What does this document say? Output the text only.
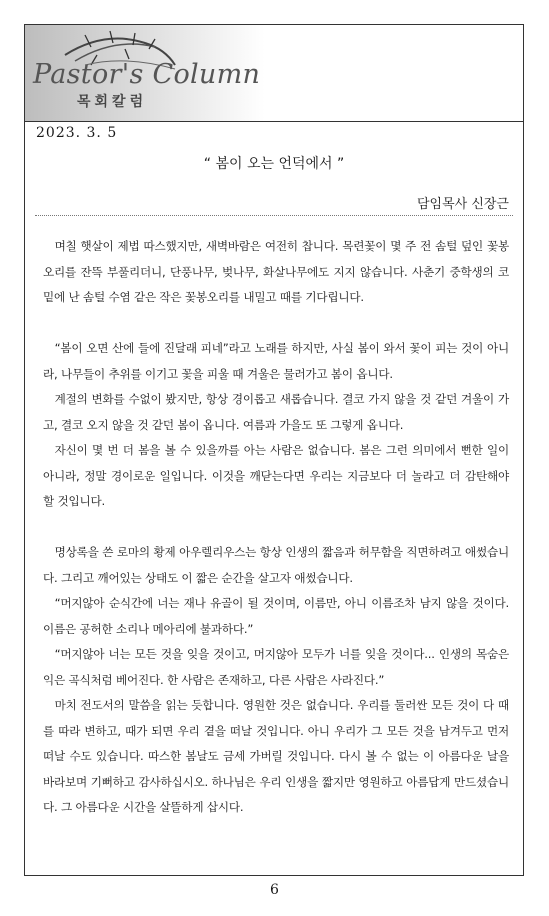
Pastor's Column
목회칼럼
2023. 3. 5
“ 봄이 오는 언덕에서 ”
담임목사 신장근

며칠 햇살이 제법 따스했지만, 새벽바람은 여전히 찹니다. 목련꽃이 몇 주 전 솜털 덮인 꽃봉오리를 잔뜩 부풀리더니, 단풍나무, 벚나무, 화살나무에도 지지 않습니다. 사춘기 중학생의 코밑에 난 솜털 수염 같은 작은 꽃봉오리를 내밀고 때를 기다립니다.

“봄이 오면 산에 들에 진달래 피네”라고 노래를 하지만, 사실 봄이 와서 꽃이 피는 것이 아니라, 나무들이 추위를 이기고 꽃을 피울 때 겨울은 물러가고 봄이 옵니다.

계절의 변화를 수없이 봤지만, 항상 경이롭고 새롭습니다. 결코 가지 않을 것 같던 겨울이 가고, 결코 오지 않을 것 같던 봄이 옵니다. 여름과 가을도 또 그렇게 옵니다.

자신이 몇 번 더 봄을 볼 수 있을까를 아는 사람은 없습니다. 봄은 그런 의미에서 뻔한 일이 아니라, 정말 경이로운 일입니다. 이것을 깨닫는다면 우리는 지금보다 더 놀라고 더 감탄해야 할 것입니다.

명상록을 쓴 로마의 황제 아우렐리우스는 항상 인생의 짧음과 허무함을 직면하려고 애썼습니다. 그리고 깨어있는 상태도 이 짧은 순간을 살고자 애썼습니다.

“머지않아 순식간에 너는 재나 유골이 될 것이며, 이름만, 아니 이름조차 남지 않을 것이다. 이름은 공허한 소리나 메아리에 불과하다.”

“머지않아 너는 모든 것을 잊을 것이고, 머지않아 모두가 너를 잊을 것이다... 인생의 목숨은 익은 곡식처럼 베어진다. 한 사람은 존재하고, 다른 사람은 사라진다.”

마치 전도서의 말씀을 읽는 듯합니다. 영원한 것은 없습니다. 우리를 둘러싼 모든 것이 다 때를 따라 변하고, 때가 되면 우리 곁을 떠날 것입니다. 아니 우리가 그 모든 것을 남겨두고 먼저 떠날 수도 있습니다. 따스한 봄날도 금세 가버릴 것입니다. 다시 볼 수 없는 이 아름다운 날을 바라보며 기뻐하고 감사하십시오. 하나님은 우리 인생을 짧지만 영원하고 아름답게 만드셨습니다. 그 아름다운 시간을 살뜰하게 삽시다.

6
